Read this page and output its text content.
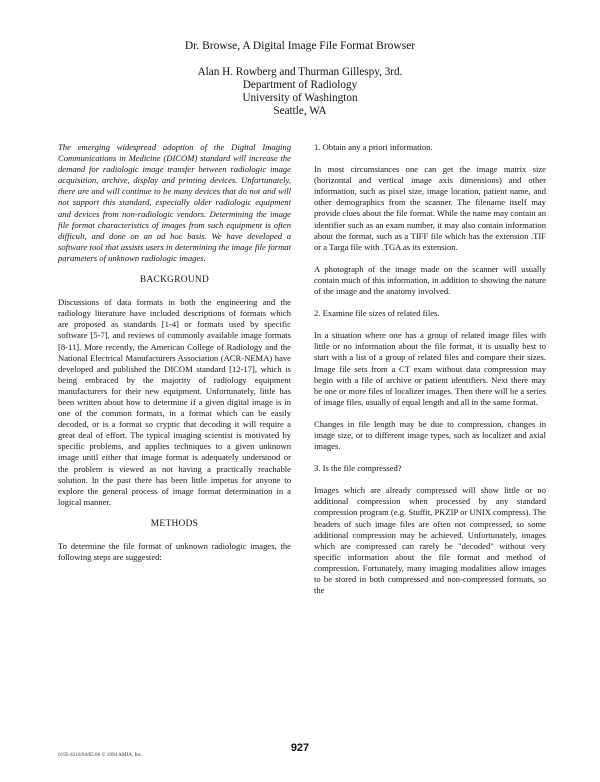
Dr. Browse, A Digital Image File Format Browser
Alan H. Rowberg and Thurman Gillespy, 3rd.
Department of Radiology
University of Washington
Seattle, WA

The emerging widespread adoption of the Digital Imaging Communications in Medicine (DICOM) standard will increase the demand for radiologic image transfer between radiologic image acquisition, archive, display and printing devices. Unfortunately, there are and will continue to be many devices that do not and will not support this standard, especially older radiologic equipment and devices from non-radiologic vendors. Determining the image file format characteristics of images from such equipment is often difficult, and done on an ad hoc basis. We have developed a software tool that assists users in determining the image file format parameters of unknown radiologic images.

BACKGROUND

Discussions of data formats in both the engineering and the radiology literature have included descriptions of formats which are proposed as standards [1-4] or formats used by specific software [5-7], and reviews of commonly available image formats [8-11]. More recently, the American College of Radiology and the National Electrical Manufacturers Association (ACR-NEMA) have developed and published the DICOM standard [12-17], which is being embraced by the majority of radiology equipment manufacturers for their new equipment. Unfortunately, little has been written about how to determine if a given digital image is in one of the common formats, in a format which can be easily decoded, or is a format so cryptic that decoding it will require a great deal of effort. The typical imaging scientist is motivated by specific problems, and applies techniques to a given unknown image until either that image format is adequately understood or the problem is viewed as not having a practically reachable solution. In the past there has been little impetus for anyone to explore the general process of image format determination in a logical manner.

METHODS

To determine the file format of unknown radiologic images, the following steps are suggested:

1. Obtain any a priori information.

In most circumstances one can get the image matrix size (horizontal and vertical image axis dimensions) and other information, such as pixel size, image location, patient name, and other demographics from the scanner. The filename itself may provide clues about the file format. While the name may contain an identifier such as an exam number, it may also contain information about the format, such as a TIFF file which has the extension .TIF or a Targa file with .TGA as its extension.

A photograph of the image made on the scanner will usually contain much of this information, in addition to showing the nature of the image and the anatomy involved.

2. Examine file sizes of related files.

In a situation where one has a group of related image files with little or no information about the file format, it is usually best to start with a list of a group of related files and compare their sizes. Image file sets from a CT exam without data compression may begin with a file of archive or patient identifiers. Next there may be one or more files of localizer images. Then there will be a series of image files, usually of equal length and all in the same format.

Changes in file length may be due to compression, changes in image size, or to different image types, such as localizer and axial images.

3. Is the file compressed?

Images which are already compressed will show little or no additional compression when processed by any standard compression program (e.g. Stuffit, PKZIP or UNIX compress). The headers of such image files are often not compressed, so some additional compression may be achieved. Unfortunately, images which are compressed can rarely be "decoded" without very specific information about the file format and method of compression. Fortunately, many imaging modalities allow images to be stored in both compressed and non-compressed formats, so the

0195-4210/94/$5.00 © 1994 AMIA, Inc.
927
